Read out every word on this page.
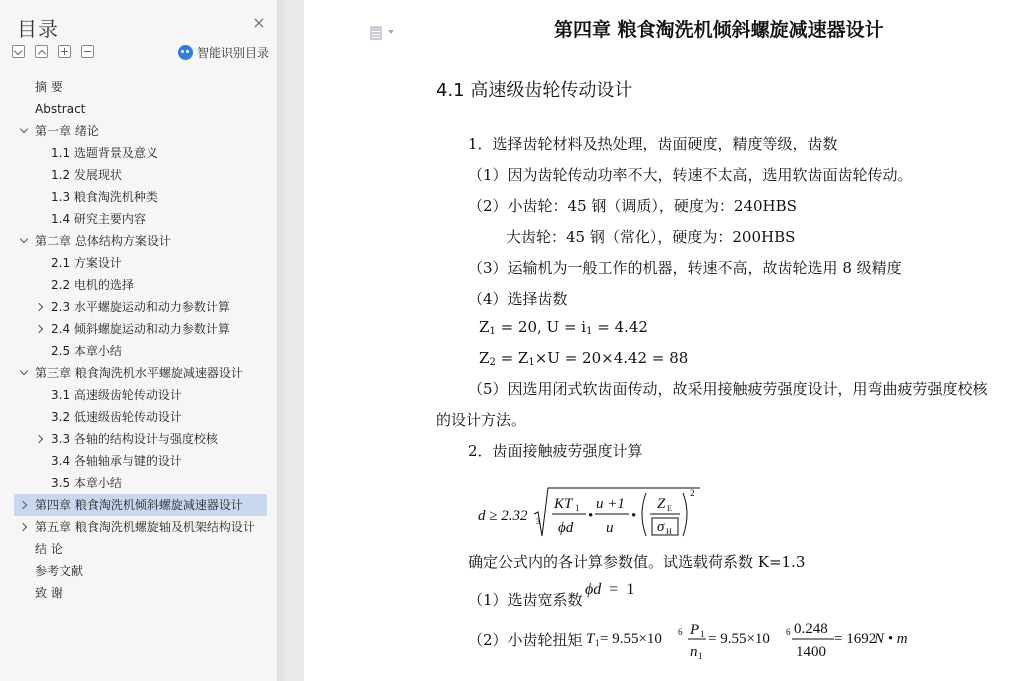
目录	×
智能识别目录
摘 要
Abstract
第一章 绪论
1.1 选题背景及意义
1.2 发展现状
1.3 粮食淘洗机种类
1.4 研究主要内容
第二章 总体结构方案设计
2.1 方案设计
2.2 电机的选择
2.3 水平螺旋运动和动力参数计算
2.4 倾斜螺旋运动和动力参数计算
2.5 本章小结
第三章 粮食淘洗机水平螺旋减速器设计
3.1 高速级齿轮传动设计
3.2 低速级齿轮传动设计
3.3 各轴的结构设计与强度校核
3.4 各轴轴承与键的设计
3.5 本章小结
第四章 粮食淘洗机倾斜螺旋减速器设计
第五章 粮食淘洗机螺旋轴及机架结构设计
结 论
参考文献
致 谢
第四章 粮食淘洗机倾斜螺旋减速器设计
4.1 高速级齿轮传动设计
1．选择齿轮材料及热处理，齿面硬度，精度等级，齿数
（1）因为齿轮传动功率不大，转速不太高，选用软齿面齿轮传动。
（2）小齿轮：45 钢（调质），硬度为：240HBS
大齿轮：45 钢（常化），硬度为：200HBS
（3）运输机为一般工作的机器，转速不高，故齿轮选用 8 级精度
（4）选择齿数
$Z_1 = 20$, $U = i_1 = 4.42$
$Z_2 = Z_1\times U = 20\times 4.42 = 88$
（5）因选用闭式软齿面传动，故采用接触疲劳强度设计，用弯曲疲劳强度校核
的设计方法。
2．齿面接触疲劳强度计算
d ≥ 2.32 3
KT 1
ϕd
•
u +1
u
•
Z E
σ H
2
确定公式内的各计算参数值。试选载荷系数 K=1.3
（1）选齿宽系数
ϕd = 1
（2）小齿轮扭矩 T 1 = 9.55×10 6 P 1
n 1
= 9.55×10 6 0.248
1400
= 1692
N • m
